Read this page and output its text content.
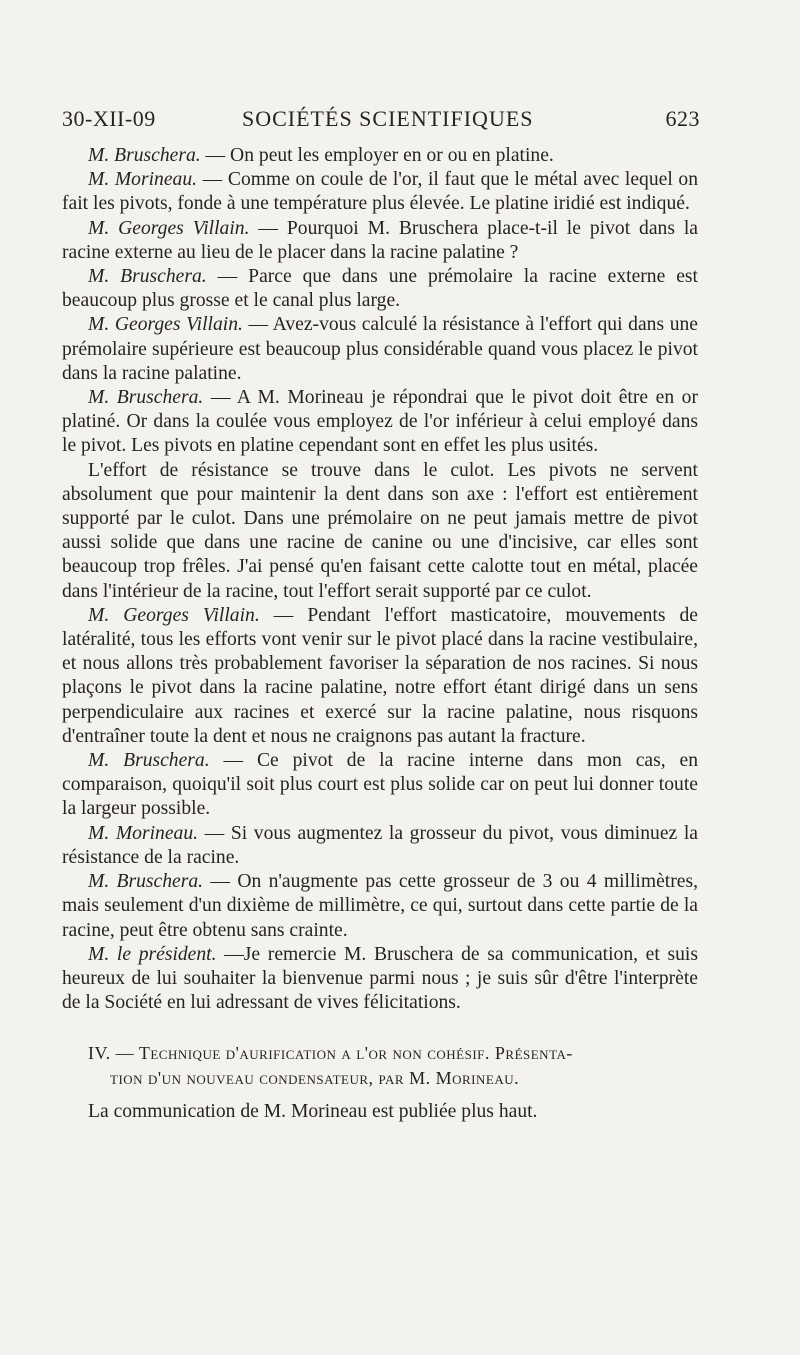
30-XII-09	SOCIÉTÉS SCIENTIFIQUES	623

M. Bruschera. — On peut les employer en or ou en platine.

M. Morineau. — Comme on coule de l'or, il faut que le métal avec lequel on fait les pivots, fonde à une température plus élevée. Le platine iridié est indiqué.

M. Georges Villain. — Pourquoi M. Bruschera place-t-il le pivot dans la racine externe au lieu de le placer dans la racine palatine ?

M. Bruschera. — Parce que dans une prémolaire la racine externe est beaucoup plus grosse et le canal plus large.

M. Georges Villain. — Avez-vous calculé la résistance à l'effort qui dans une prémolaire supérieure est beaucoup plus considérable quand vous placez le pivot dans la racine palatine.

M. Bruschera. — A M. Morineau je répondrai que le pivot doit être en or platiné. Or dans la coulée vous employez de l'or inférieur à celui employé dans le pivot. Les pivots en platine cependant sont en effet les plus usités.

L'effort de résistance se trouve dans le culot. Les pivots ne servent absolument que pour maintenir la dent dans son axe : l'effort est entièrement supporté par le culot. Dans une prémolaire on ne peut jamais mettre de pivot aussi solide que dans une racine de canine ou une d'incisive, car elles sont beaucoup trop frêles. J'ai pensé qu'en faisant cette calotte tout en métal, placée dans l'intérieur de la racine, tout l'effort serait supporté par ce culot.

M. Georges Villain. — Pendant l'effort masticatoire, mouvements de latéralité, tous les efforts vont venir sur le pivot placé dans la racine vestibulaire, et nous allons très probablement favoriser la séparation de nos racines. Si nous plaçons le pivot dans la racine palatine, notre effort étant dirigé dans un sens perpendiculaire aux racines et exercé sur la racine palatine, nous risquons d'entraîner toute la dent et nous ne craignons pas autant la fracture.

M. Bruschera. — Ce pivot de la racine interne dans mon cas, en comparaison, quoiqu'il soit plus court est plus solide car on peut lui donner toute la largeur possible.

M. Morineau. — Si vous augmentez la grosseur du pivot, vous diminuez la résistance de la racine.

M. Bruschera. — On n'augmente pas cette grosseur de 3 ou 4 millimètres, mais seulement d'un dixième de millimètre, ce qui, surtout dans cette partie de la racine, peut être obtenu sans crainte.

M. le président. —Je remercie M. Bruschera de sa communication, et suis heureux de lui souhaiter la bienvenue parmi nous ; je suis sûr d'être l'interprète de la Société en lui adressant de vives félicitations.

IV. — Technique d'aurification a l'or non cohésif. Présenta-

tion d'un nouveau condensateur, par M. Morineau.

La communication de M. Morineau est publiée plus haut.
